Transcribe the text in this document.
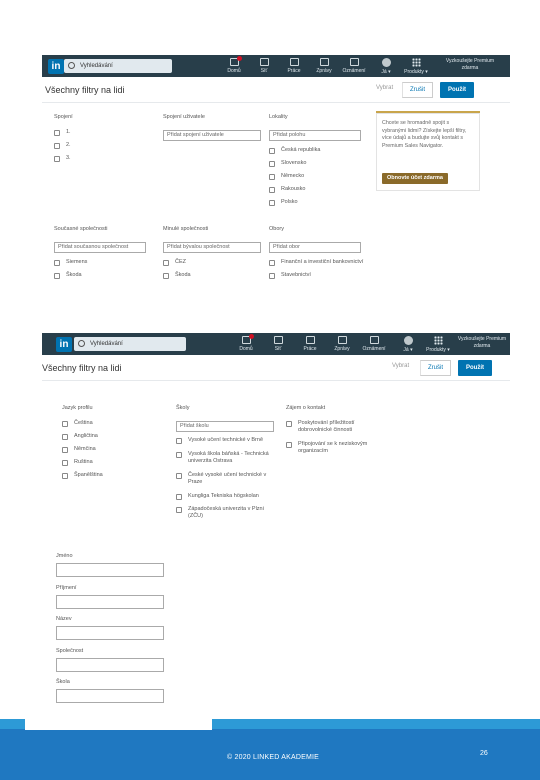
in	Vyhledávání
Domů	Síť	Práce	Zprávy	Oznámení	Já ▾	Produkty ▾
Vyzkoušejte Premium zdarma
Všechny filtry na lidi	Vybrat	Zrušit	Použít
Spojení
1.
2.
3.
Spojení uživatele
Přidat spojení uživatele
Lokality
Přidat polohu
Česká republika
Slovensko
Německo
Rakousko
Polsko
Chcete se hromadně spojit s vybranými lidmi? Získejte lepší filtry, více údajů a budujte svůj kontakt s Premium Sales Navigator.
Obnovte účet zdarma
Současné společnosti
Přidat současnou společnost
Siemens
Škoda
Minulé společnosti
Přidat bývalou společnost
ČEZ
Škoda
Obory
Přidat obor
Finanční a investiční bankovnictví
Stavebnictví
in	Vyhledávání
Domů	Síť	Práce	Zprávy	Oznámení	Já ▾	Produkty ▾
Vyzkoušejte Premium zdarma
Všechny filtry na lidi	Vybrat	Zrušit	Použít
Jazyk profilu
Čeština
Angličtina
Němčina
Ruština
Španělština
Školy
Přidat školu
Vysoké učení technické v Brně
Vysoká škola báňská - Technická univerzita Ostrava
České vysoké učení technické v Praze
Kungliga Tekniska högskolan
Západočeská univerzita v Plzni (ZČU)
Zájem o kontakt
Poskytování příležitostí dobrovolnické činnosti
Připojování se k neziskovým organizacím
Jméno
Příjmení
Název
Společnost
Škola
© 2020 LINKED AKADEMIE
26
